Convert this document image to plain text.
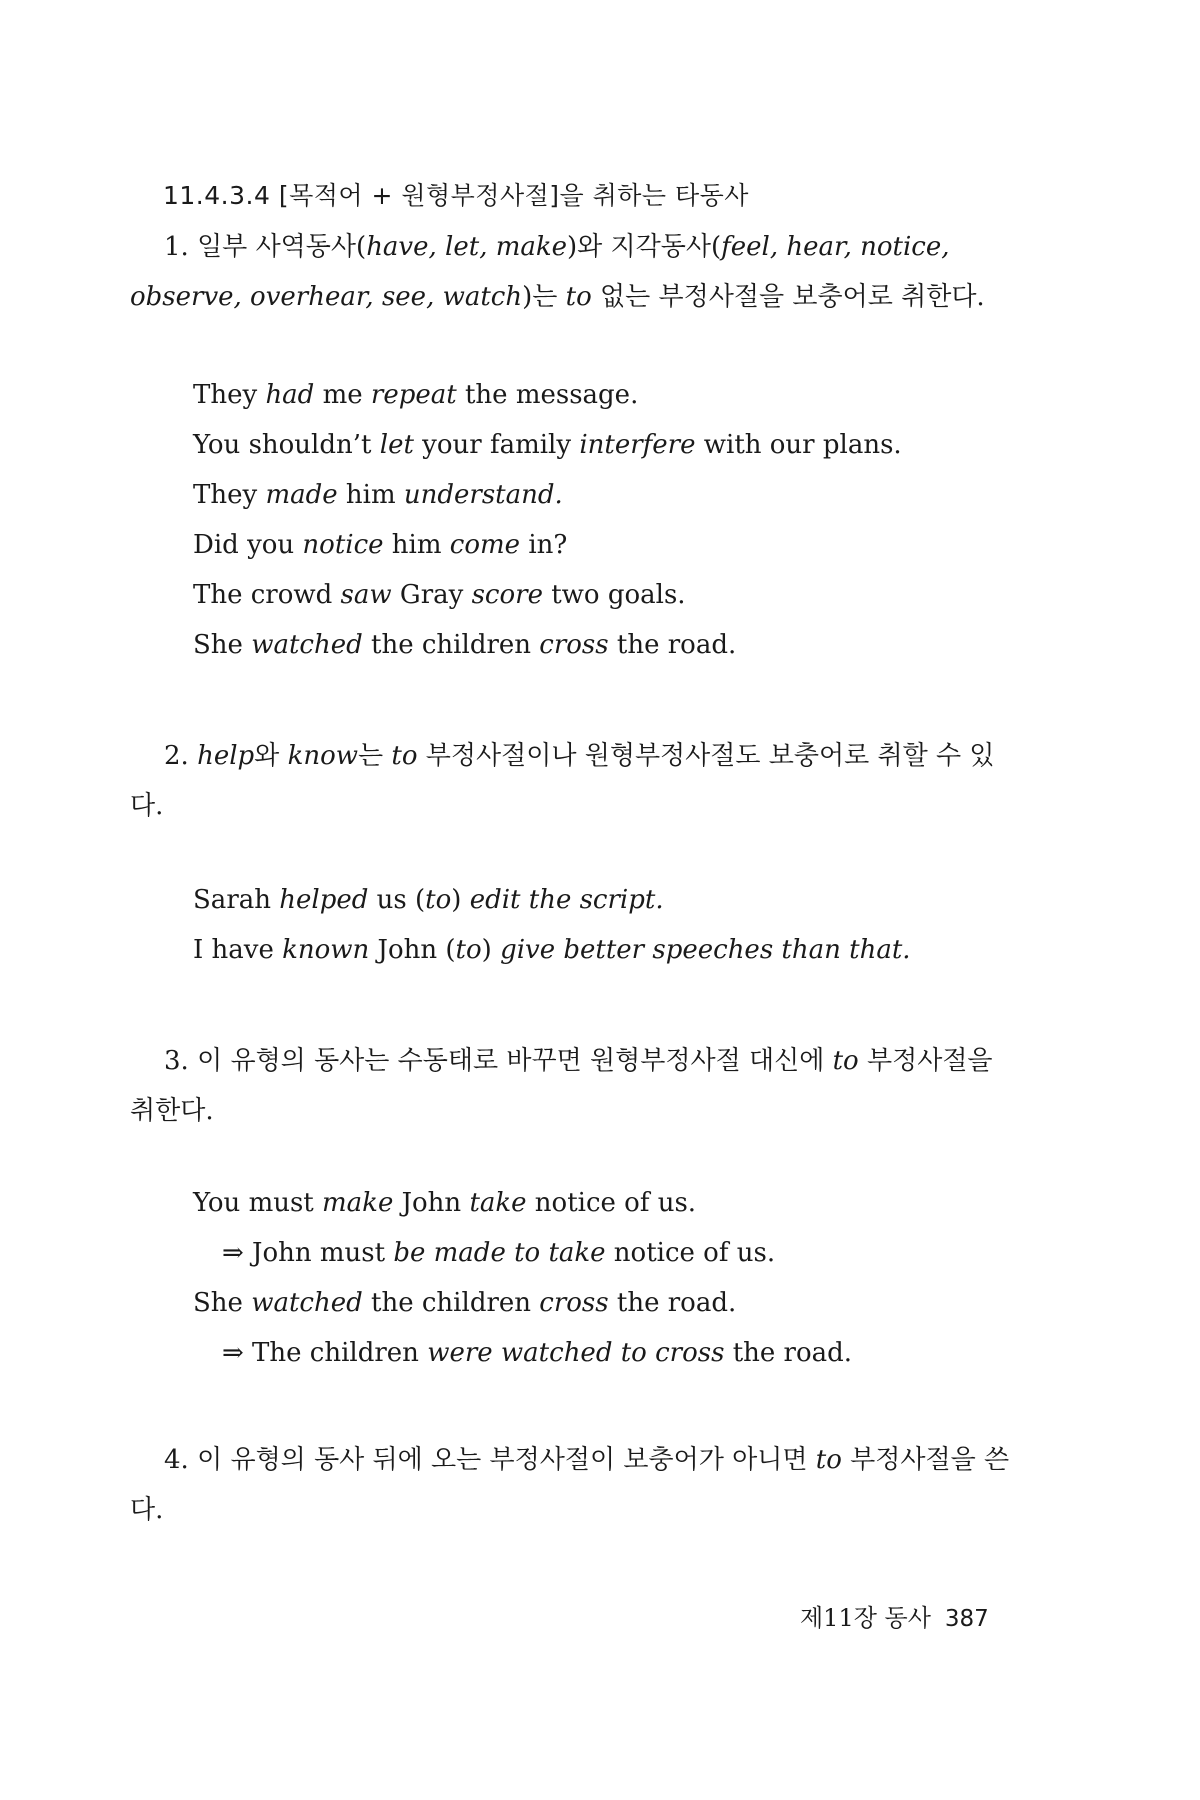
11.4.3.4 [목적어 + 원형부정사절]을 취하는 타동사
1. 일부 사역동사(have, let, make)와 지각동사(feel, hear, notice, observe, overhear, see, watch)는 to 없는 부정사절을 보충어로 취한다.
They had me repeat the message.
You shouldn’t let your family interfere with our plans.
They made him understand.
Did you notice him come in?
The crowd saw Gray score two goals.
She watched the children cross the road.
2. help와 know는 to 부정사절이나 원형부정사절도 보충어로 취할 수 있다.
Sarah helped us (to) edit the script.
I have known John (to) give better speeches than that.
3. 이 유형의 동사는 수동태로 바꾸면 원형부정사절 대신에 to 부정사절을 취한다.
You must make John take notice of us.
⇒ John must be made to take notice of us.
She watched the children cross the road.
⇒ The children were watched to cross the road.
4. 이 유형의 동사 뒤에 오는 부정사절이 보충어가 아니면 to 부정사절을 쓴다.
제11장 동사 387
